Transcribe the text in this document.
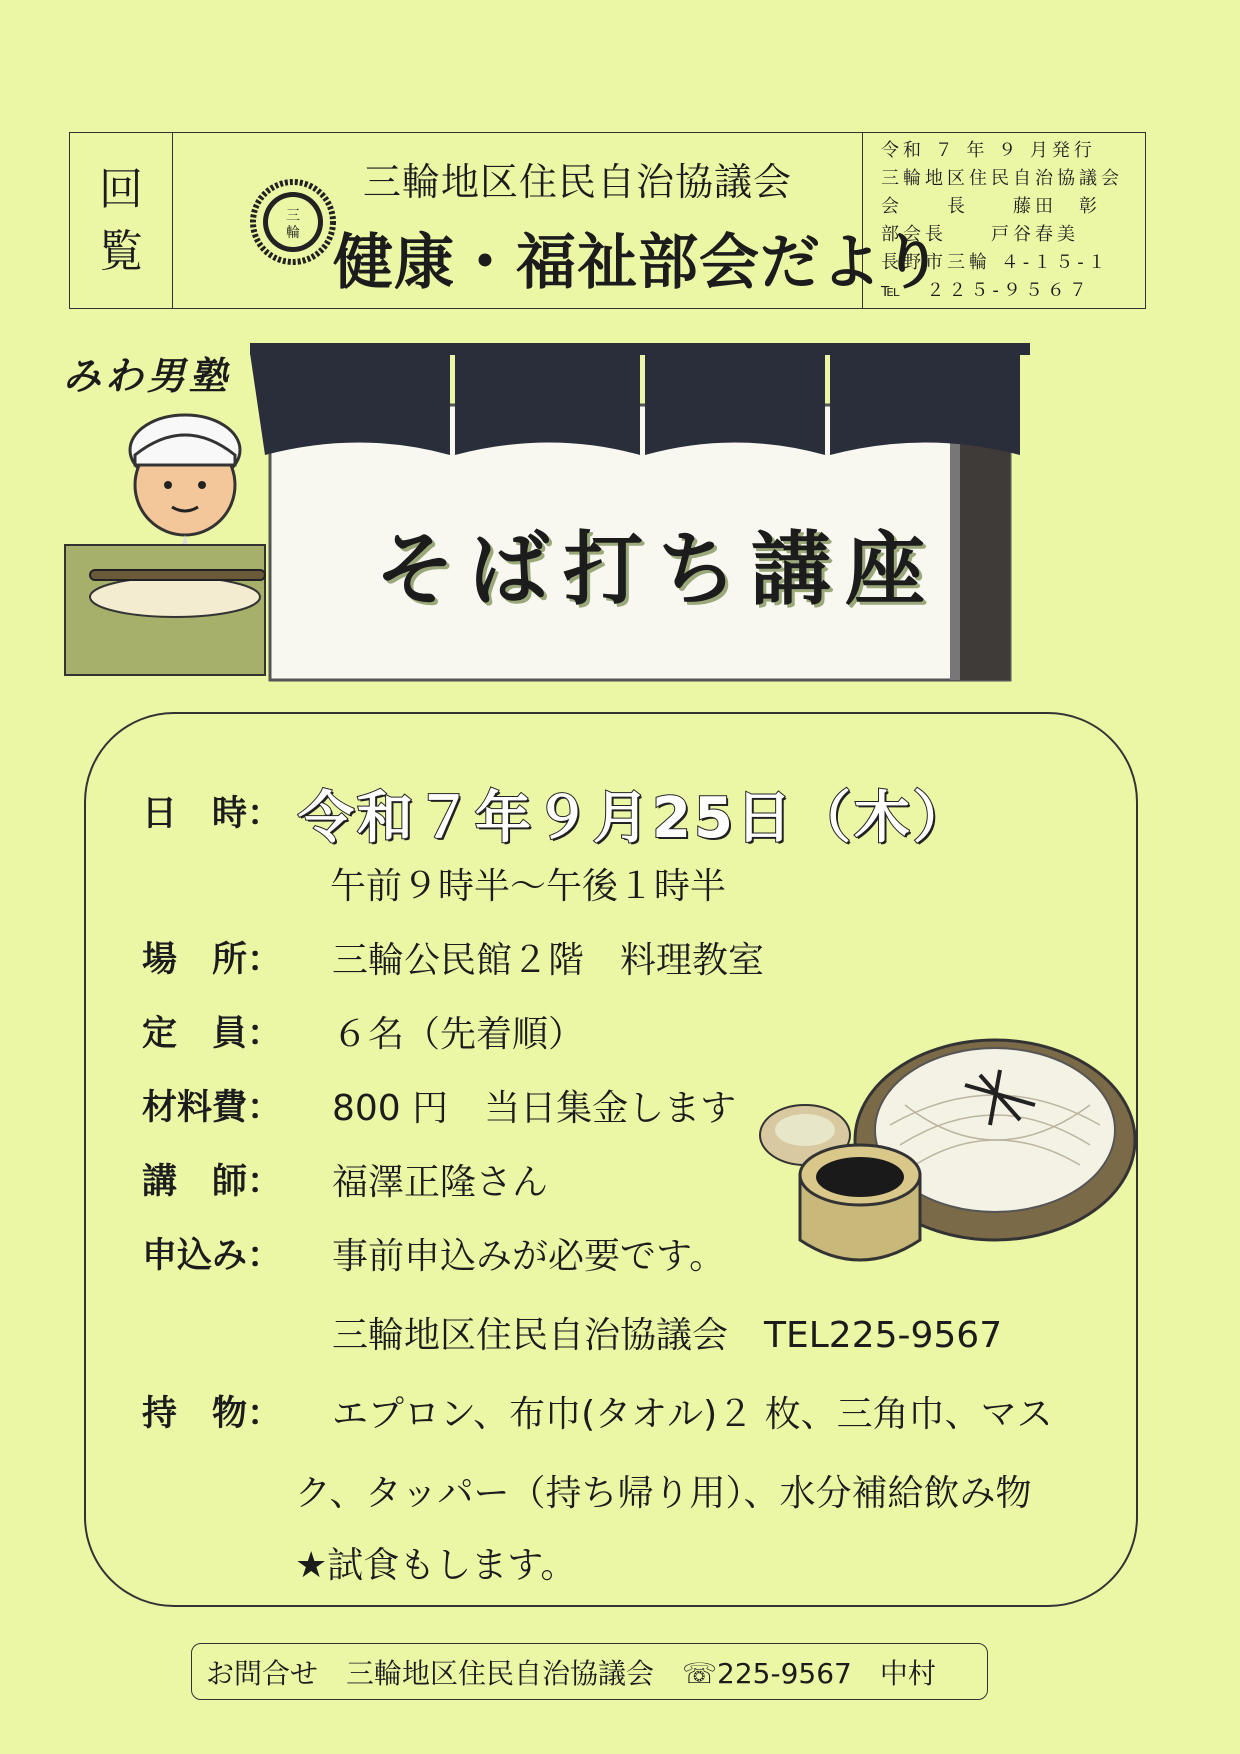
回
覧
三
輪
三輪地区住民自治協議会
健康・福祉部会だより
令和 ７ 年 ９ 月発行
三輪地区住民自治協議会
会　　長　　藤田　彰
部会長　　戸谷春美
長野市三輪 ４-１５-１
℡　２２５-９５６７
みわ男塾
そば打ち講座
日　時： 令和７年９月25日（木）
午前９時半～午後１時半
場　所： 三輪公民館２階　料理教室
定　員： ６名（先着順）
材料費： 800 円　当日集金します
講　師： 福澤正隆さん
申込み： 事前申込みが必要です。
三輪地区住民自治協議会　TEL225-9567
持　物： エプロン、布巾(タオル)２ 枚、三角巾、マス
ク、タッパー（持ち帰り用）、水分補給飲み物
★試食もします。
お問合せ　三輪地区住民自治協議会　☏225-9567　中村
